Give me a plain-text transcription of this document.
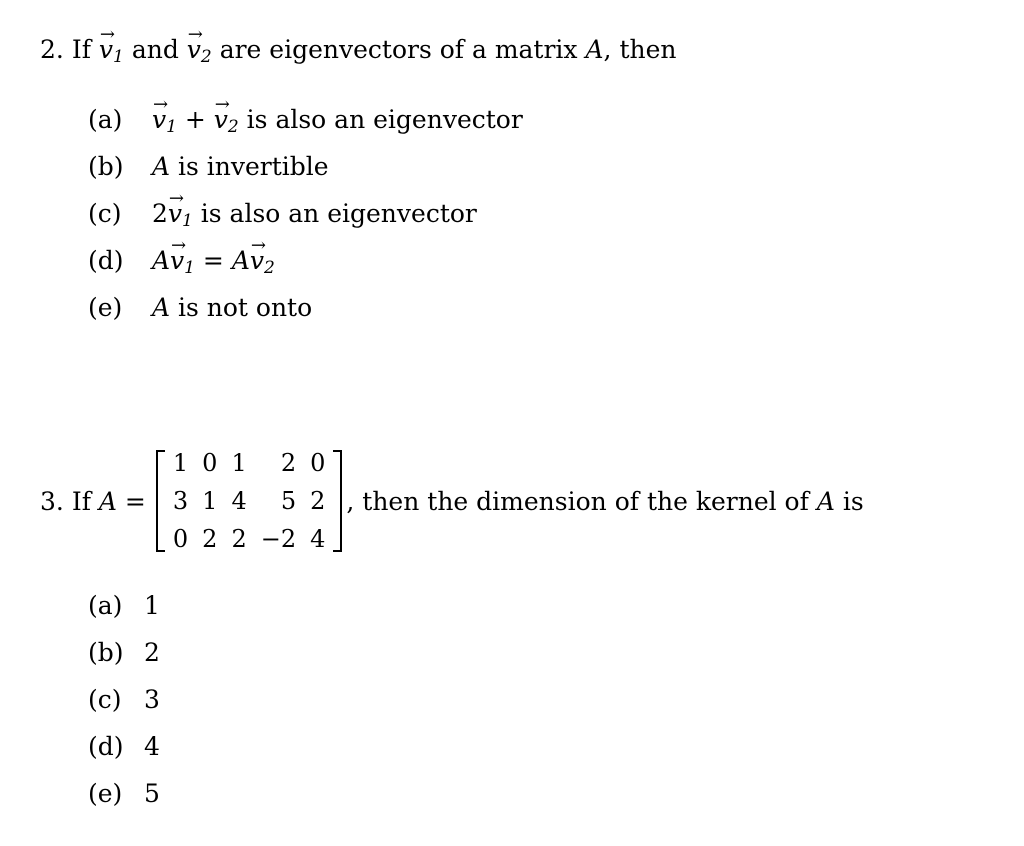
2. $If \to v_1$ and → $v_2$ are eigenvectors of a matrix A, then
$(a) \to v_1$ + → $v_2$ is also an eigenvector
(b) A is invertible
(c) $2\to v_1$ is also an eigenvector
(d) $A\to v_1 = A\to v_2$
(e) A is not onto
3. If A =
1	0	1	2	0
3	1	4	5	2
0	2	2	−2	4
, then the dimension of the kernel of
A
is
(a) 1
(b) 2
(c) 3
(d) 4
(e) 5
